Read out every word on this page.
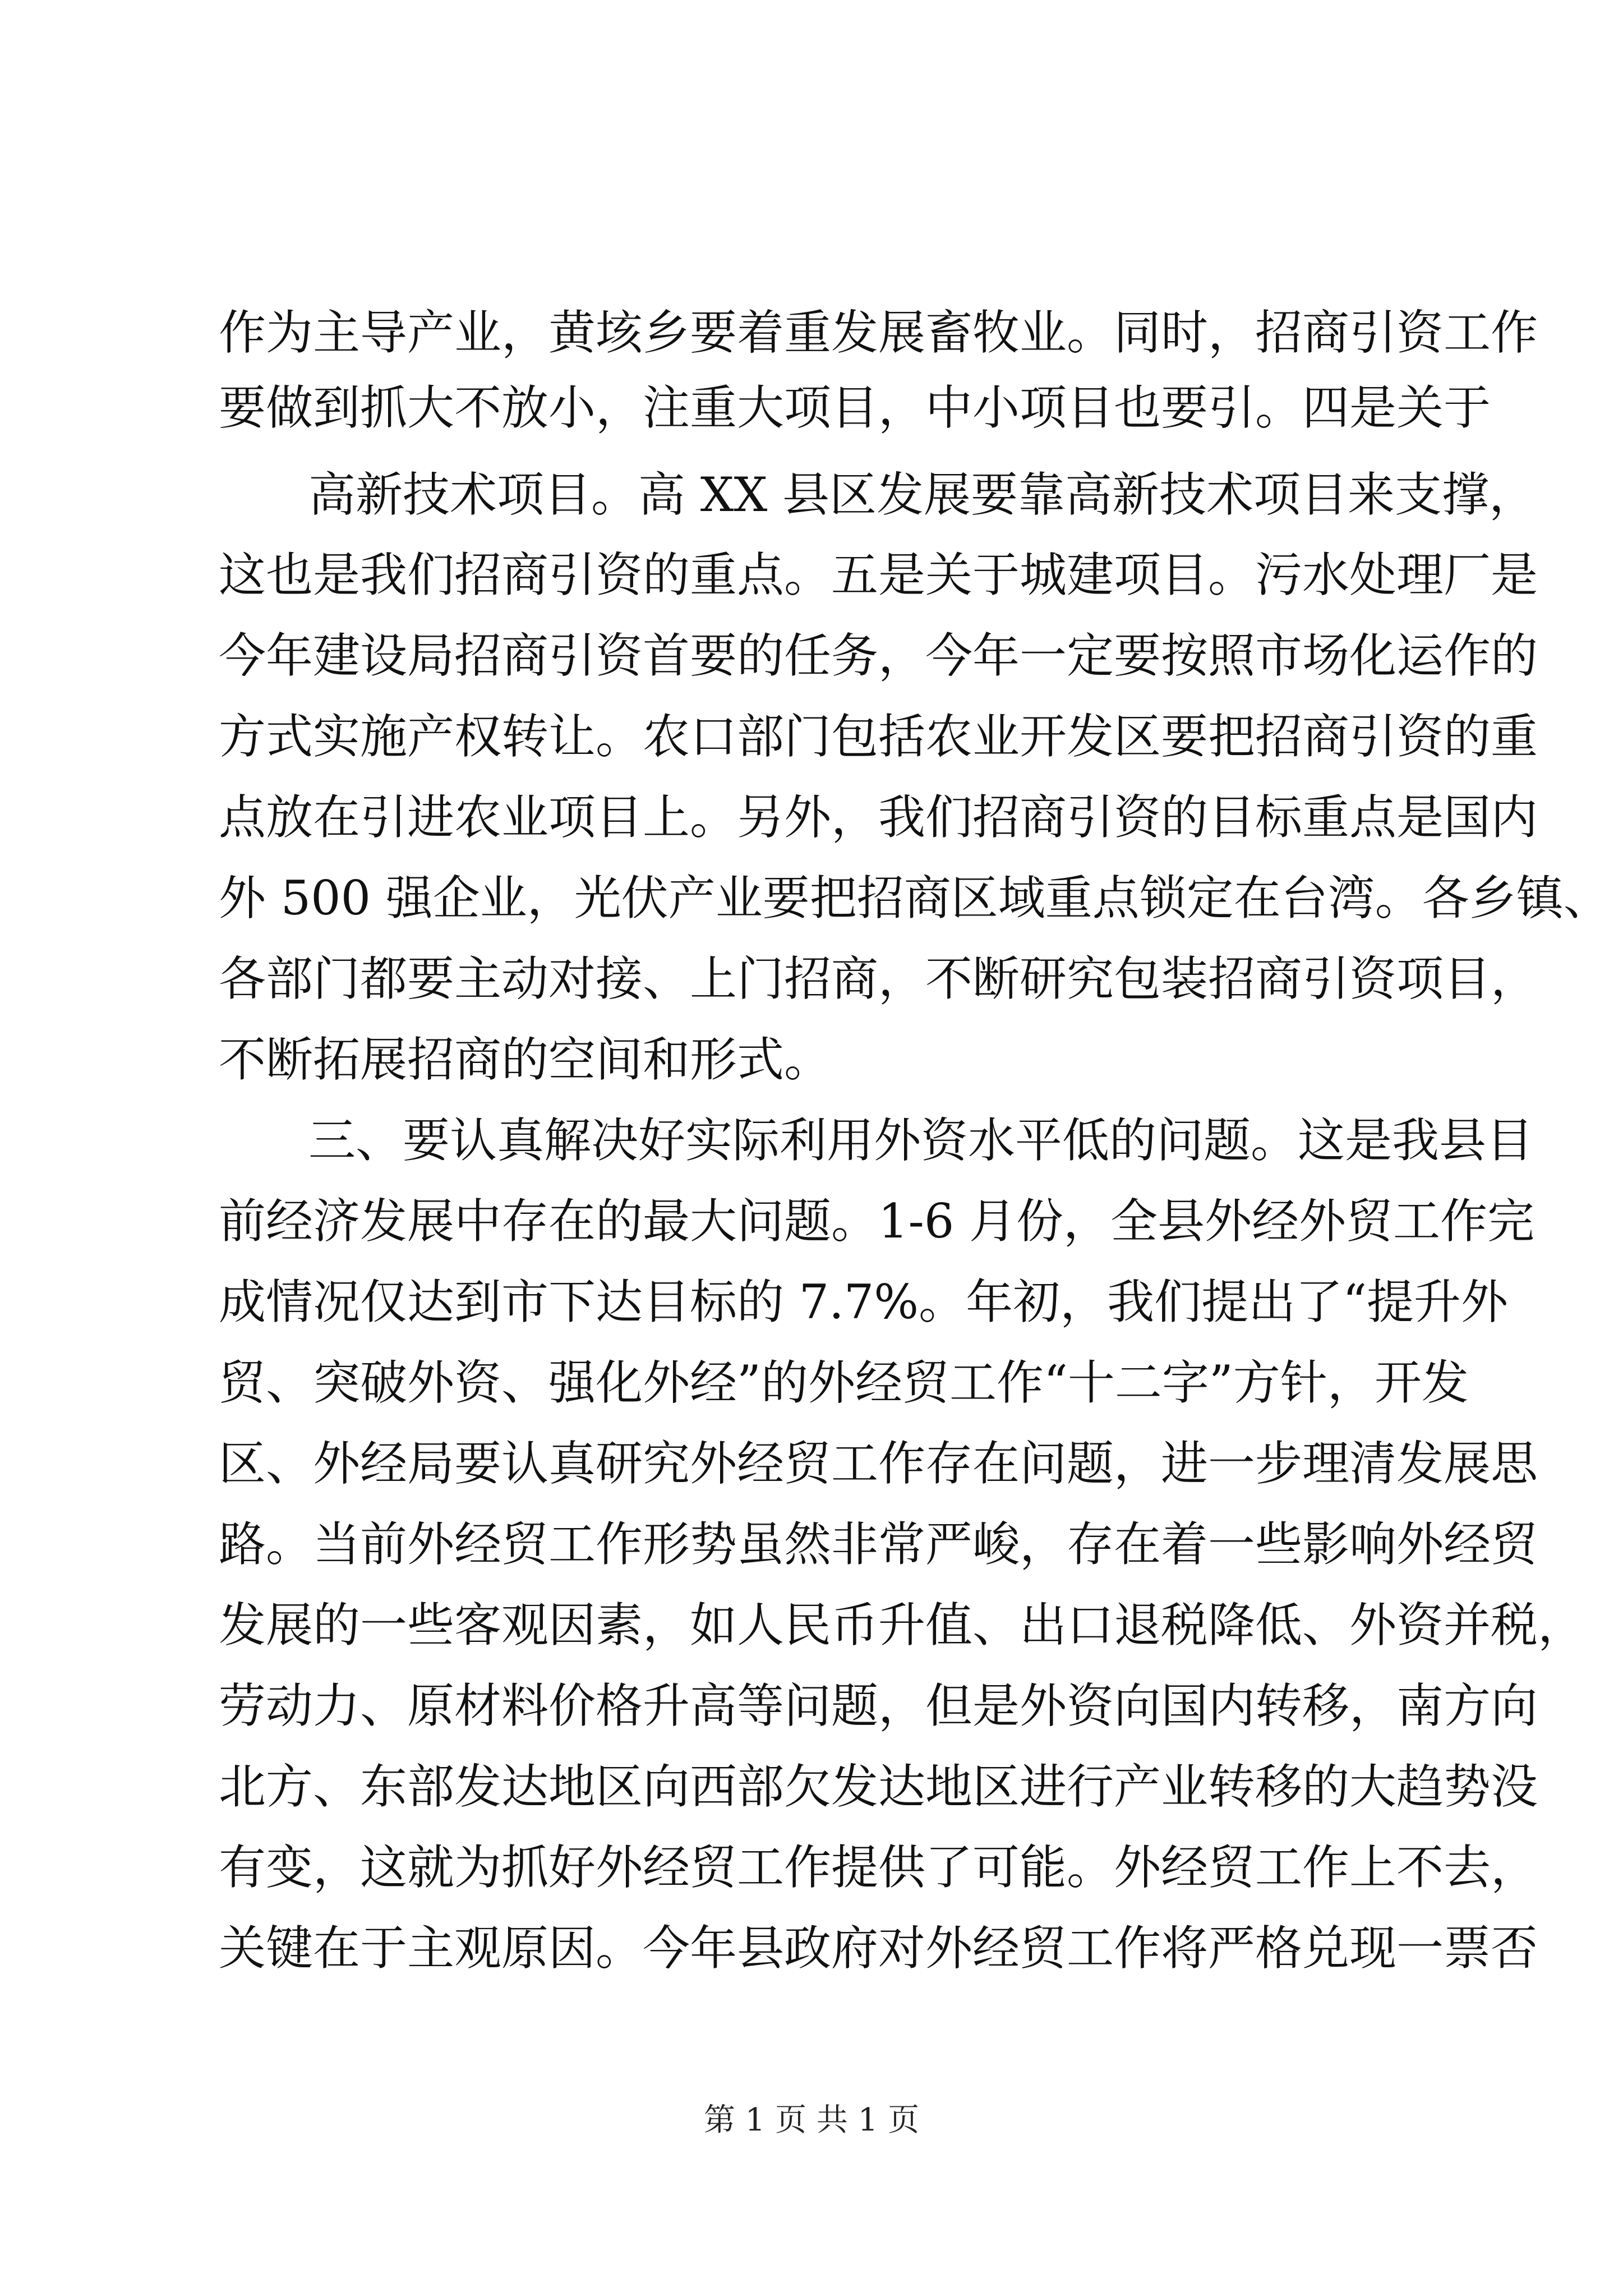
作为主导产业，黄垓乡要着重发展畜牧业。同时，招商引资工作
要做到抓大不放小，注重大项目，中小项目也要引。四是关于
高新技术项目。高 XX 县区发展要靠高新技术项目来支撑，
这也是我们招商引资的重点。五是关于城建项目。污水处理厂是
今年建设局招商引资首要的任务，今年一定要按照市场化运作的
方式实施产权转让。农口部门包括农业开发区要把招商引资的重
点放在引进农业项目上。另外，我们招商引资的目标重点是国内
外 500 强企业，光伏产业要把招商区域重点锁定在台湾。各乡镇、
各部门都要主动对接、上门招商，不断研究包装招商引资项目，
不断拓展招商的空间和形式。
三、要认真解决好实际利用外资水平低的问题。这是我县目
前经济发展中存在的最大问题。1-6 月份，全县外经外贸工作完
成情况仅达到市下达目标的 7.7%。年初，我们提出了“提升外
贸、突破外资、强化外经”的外经贸工作“十二字”方针，开发
区、外经局要认真研究外经贸工作存在问题，进一步理清发展思
路。当前外经贸工作形势虽然非常严峻，存在着一些影响外经贸
发展的一些客观因素，如人民币升值、出口退税降低、外资并税，
劳动力、原材料价格升高等问题，但是外资向国内转移，南方向
北方、东部发达地区向西部欠发达地区进行产业转移的大趋势没
有变，这就为抓好外经贸工作提供了可能。外经贸工作上不去，
关键在于主观原因。今年县政府对外经贸工作将严格兑现一票否
第 1 页 共 1 页
